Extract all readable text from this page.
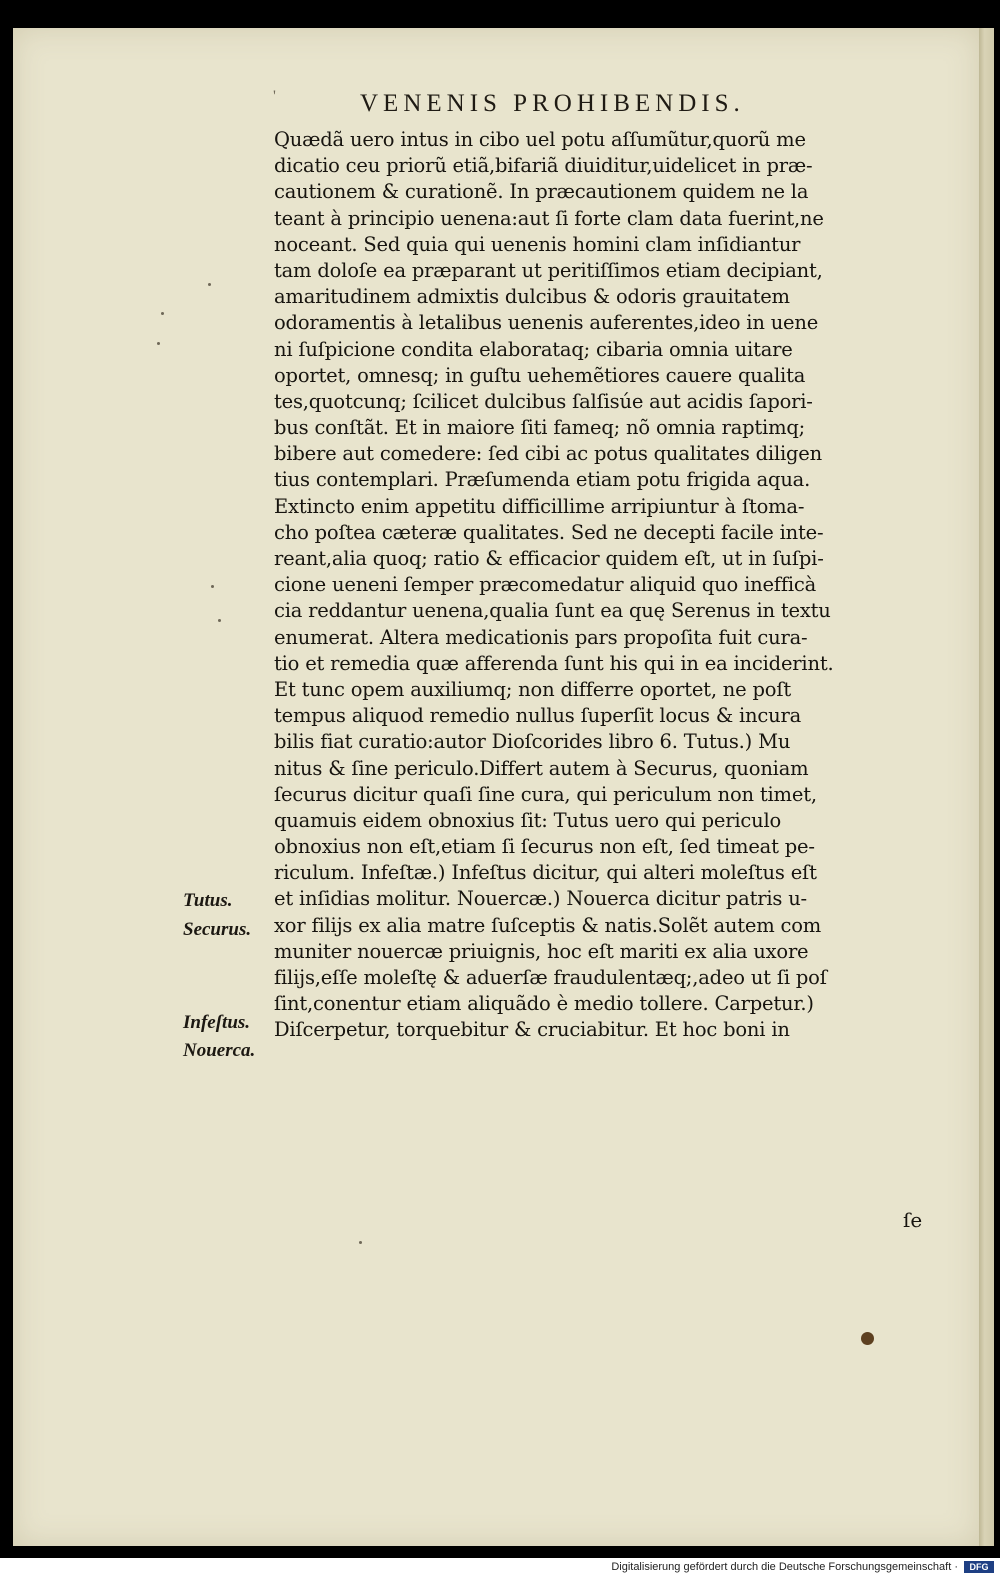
'	VENENIS PROHIBENDIS.
Quædã uero intus in cibo uel potu aſſumũtur,quorũ me
dicatio ceu priorũ etiã,bifariã diuiditur,uidelicet in præ-
cautionem & curationẽ. In præcautionem quidem ne la
teant à principio uenena:aut ſi forte clam data fuerint,ne
noceant. Sed quia qui uenenis homini clam inſidiantur
tam doloſe ea præparant ut peritiſſimos etiam decipiant,
amaritudinem admixtis dulcibus & odoris grauitatem
odoramentis à letalibus uenenis auferentes,ideo in uene
ni ſuſpicione condita elaborataq; cibaria omnia uitare
oportet, omnesq; in guſtu uehemẽtiores cauere qualita
tes,quotcunq; ſcilicet dulcibus ſalſisúe aut acidis ſapori-
bus conſtãt. Et in maiore ſiti fameq; nõ omnia raptimq;
bibere aut comedere: ſed cibi ac potus qualitates diligen
tius contemplari. Præſumenda etiam potu frigida aqua.
Extincto enim appetitu difficillime arripiuntur à ſtoma-
cho poſtea cæteræ qualitates. Sed ne decepti facile inte-
reant,alia quoq; ratio & efficacior quidem eſt, ut in ſuſpi-
cione ueneni ſemper præcomedatur aliquid quo inefficà
cia reddantur uenena,qualia ſunt ea quę Serenus in textu
enumerat. Altera medicationis pars propoſita fuit cura-
tio et remedia quæ afferenda ſunt his qui in ea inciderint.
Et tunc opem auxiliumq; non differre oportet, ne poſt
tempus aliquod remedio nullus ſuperſit locus & incura
bilis fiat curatio:autor Dioſcorides libro 6. Tutus.) Mu
nitus & ſine periculo.Differt autem à Securus, quoniam
ſecurus dicitur quaſi ſine cura, qui periculum non timet,
quamuis eidem obnoxius ſit: Tutus uero qui periculo
obnoxius non eſt,etiam ſi ſecurus non eſt, ſed timeat pe-
riculum. Infeſtæ.) Infeſtus dicitur, qui alteri moleſtus eſt
et inſidias molitur. Nouercæ.) Nouerca dicitur patris u-
xor filijs ex alia matre ſuſceptis & natis.Solẽt autem com
muniter nouercæ priuignis, hoc eſt mariti ex alia uxore
filijs,eſſe moleſtę & aduerſæ fraudulentæq;,adeo ut ſi poſ
ſint,conentur etiam aliquãdo è medio tollere. Carpetur.)
Diſcerpetur, torquebitur & cruciabitur. Et hoc boni in
Tutus.
Securus.
Infeſtus.
Nouerca.
ſe
Digitalisierung gefördert durch die Deutsche Forschungsgemeinschaft ·	DFG
